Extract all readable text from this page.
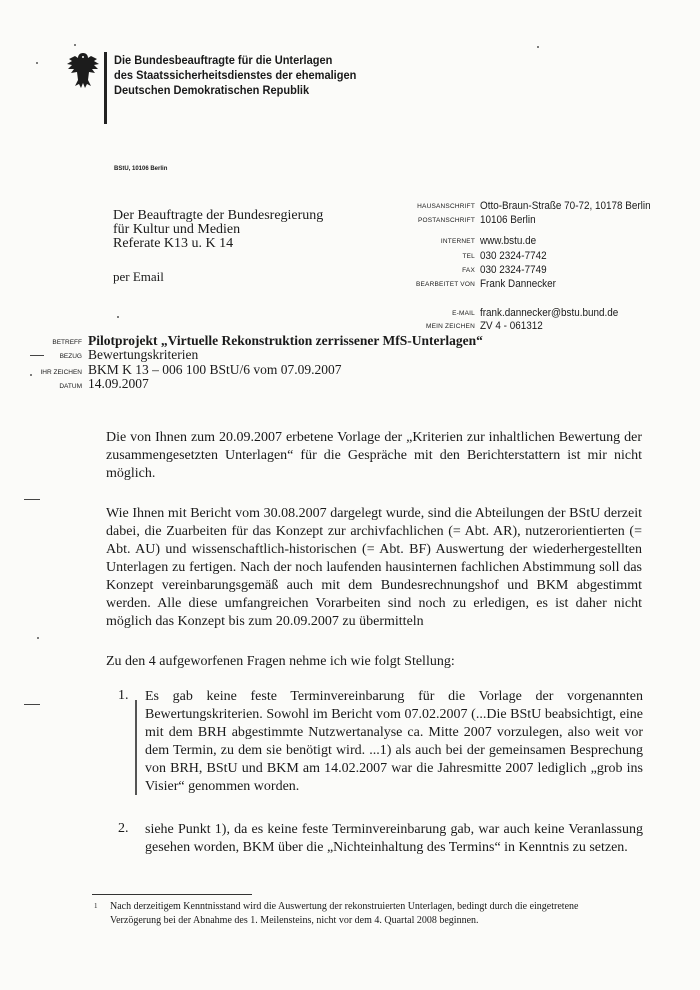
Die Bundesbeauftragte für die Unterlagen
des Staatssicherheitsdienstes der ehemaligen
Deutschen Demokratischen Republik
BStU, 10106 Berlin
Der Beauftragte der Bundesregierung
für Kultur und Medien
Referate K13 u. K 14
per Email
HAUSANSCHRIFT Otto-Braun-Straße 70-72, 10178 Berlin
POSTANSCHRIFT 10106 Berlin
INTERNET www.bstu.de
TEL 030 2324-7742
FAX 030 2324-7749
BEARBEITET VON Frank Dannecker
E-MAIL frank.dannecker@bstu.bund.de
MEIN ZEICHEN ZV 4 - 061312
BETREFF Pilotprojekt „Virtuelle Rekonstruktion zerrissener MfS-Unterlagen“
BEZUG Bewertungskriterien
IHR ZEICHEN BKM K 13 – 006 100 BStU/6 vom 07.09.2007
DATUM 14.09.2007
Die von Ihnen zum 20.09.2007 erbetene Vorlage der „Kriterien zur inhaltlichen Bewertung der zusammengesetzten Unterlagen“ für die Gespräche mit den Berichterstattern ist mir nicht möglich.
Wie Ihnen mit Bericht vom 30.08.2007 dargelegt wurde, sind die Abteilungen der BStU derzeit dabei, die Zuarbeiten für das Konzept zur archivfachlichen (= Abt. AR), nutzerorientierten (= Abt. AU) und wissenschaftlich-historischen (= Abt. BF) Auswertung der wiederhergestellten Unterlagen zu fertigen. Nach der noch laufenden hausinternen fachlichen Abstimmung soll das Konzept vereinbarungsgemäß auch mit dem Bundesrechnungshof und BKM abgestimmt werden. Alle diese umfangreichen Vorarbeiten sind noch zu erledigen, es ist daher nicht möglich das Konzept bis zum 20.09.2007 zu übermitteln
Zu den 4 aufgeworfenen Fragen nehme ich wie folgt Stellung:
1. Es gab keine feste Terminvereinbarung für die Vorlage der vorgenannten Bewertungskriterien. Sowohl im Bericht vom 07.02.2007 (...Die BStU beabsichtigt, eine mit dem BRH abgestimmte Nutzwertanalyse ca. Mitte 2007 vorzulegen, also weit vor dem Termin, zu dem sie benötigt wird. ...1) als auch bei der gemeinsamen Besprechung von BRH, BStU und BKM am 14.02.2007 war die Jahresmitte 2007 lediglich „grob ins Visier“ genommen worden.
2. siehe Punkt 1), da es keine feste Terminvereinbarung gab, war auch keine Veranlassung gesehen worden, BKM über die „Nichteinhaltung des Termins“ in Kenntnis zu setzen.
1 Nach derzeitigem Kenntnisstand wird die Auswertung der rekonstruierten Unterlagen, bedingt durch die eingetretene Verzögerung bei der Abnahme des 1. Meilensteins, nicht vor dem 4. Quartal 2008 beginnen.
